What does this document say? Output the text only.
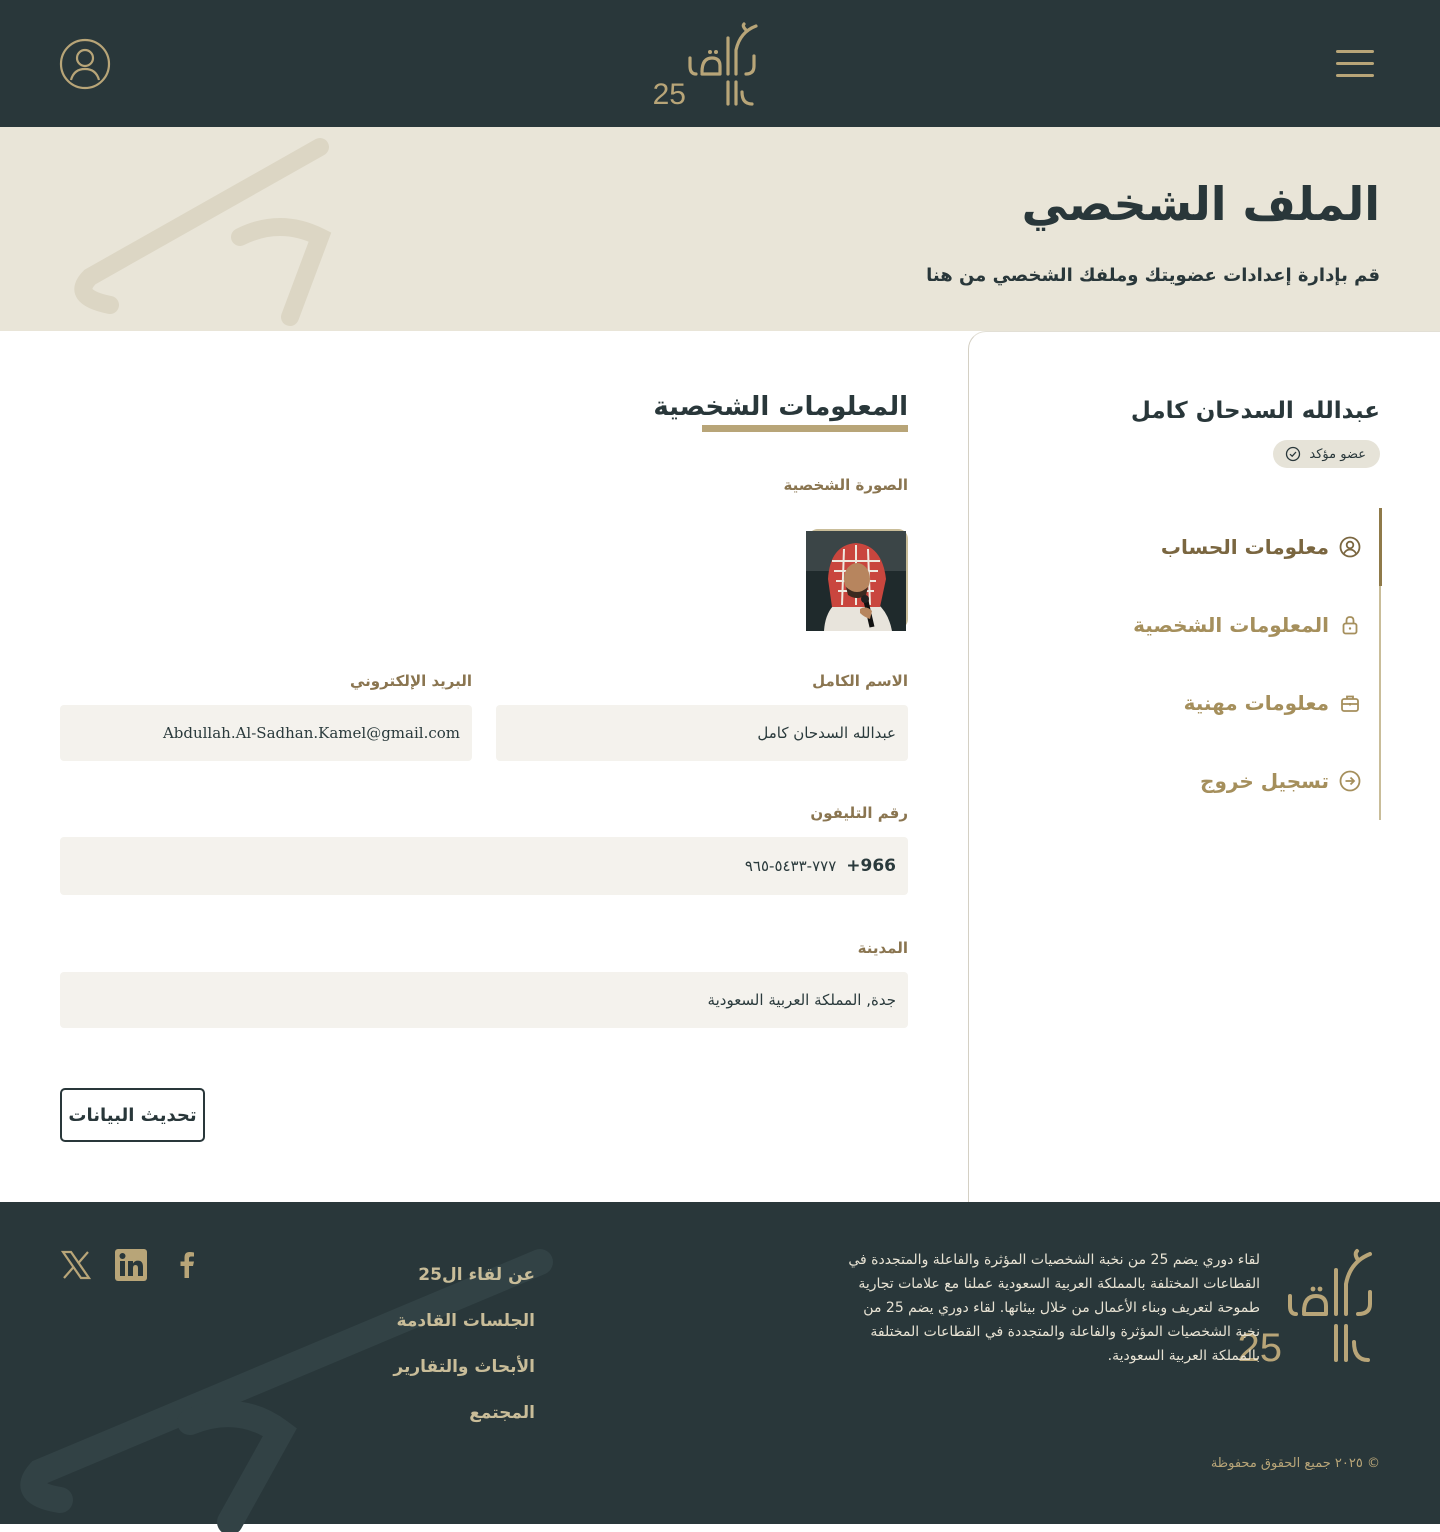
25
الملف الشخصي
قم بإدارة إعدادات عضويتك وملفك الشخصي من هنا
عبدالله السدحان كامل
عضو مؤكد
معلومات الحساب
المعلومات الشخصية
معلومات مهنية
تسجيل خروج
المعلومات الشخصية
الصورة الشخصية
الاسم الكامل
عبدالله السدحان كامل
البريد الإلكتروني
Abdullah.Al-Sadhan.Kamel@gmail.com
رقم التليفون
+966
٧٧٧-٥٤٣٣-٩٦٥
المدينة
جدة, المملكة العربية السعودية
تحديث البيانات
25
لقاء دوري يضم 25 من نخبة الشخصيات المؤثرة والفاعلة والمتجددة في القطاعات المختلفة بالمملكة العربية السعودية عملنا مع علامات تجارية طموحة لتعريف وبناء الأعمال من خلال بيئاتها. لقاء دوري يضم 25 من نخبة الشخصيات المؤثرة والفاعلة والمتجددة في القطاعات المختلفة بالمملكة العربية السعودية.
عن لقاء ال25
الجلسات القادمة
الأبحاث والتقارير
المجتمع
© ٢٠٢٥ جميع الحقوق محفوظة
